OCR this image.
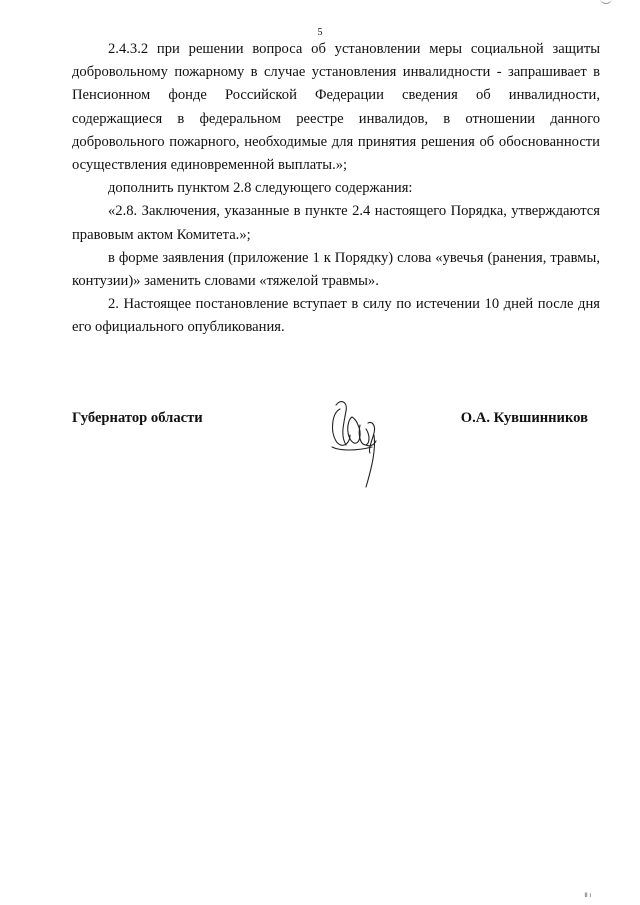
5

2.4.3.2 при решении вопроса об установлении меры социальной защиты добровольному пожарному в случае установления инвалидности - запрашивает в Пенсионном фонде Российской Федерации сведения об инвалидности, содержащиеся в федеральном реестре инвалидов, в отношении данного добровольного пожарного, необходимые для принятия решения об обоснованности осуществления единовременной выплаты.»;

дополнить пунктом 2.8 следующего содержания:

«2.8. Заключения, указанные в пункте 2.4 настоящего Порядка, утверждаются правовым актом Комитета.»;

в форме заявления (приложение 1 к Порядку) слова «увечья (ранения, травмы, контузии)» заменить словами «тяжелой травмы».

2. Настоящее постановление вступает в силу по истечении 10 дней после дня его официального опубликования.

Губернатор области	О.А. Кувшинников
II ı
